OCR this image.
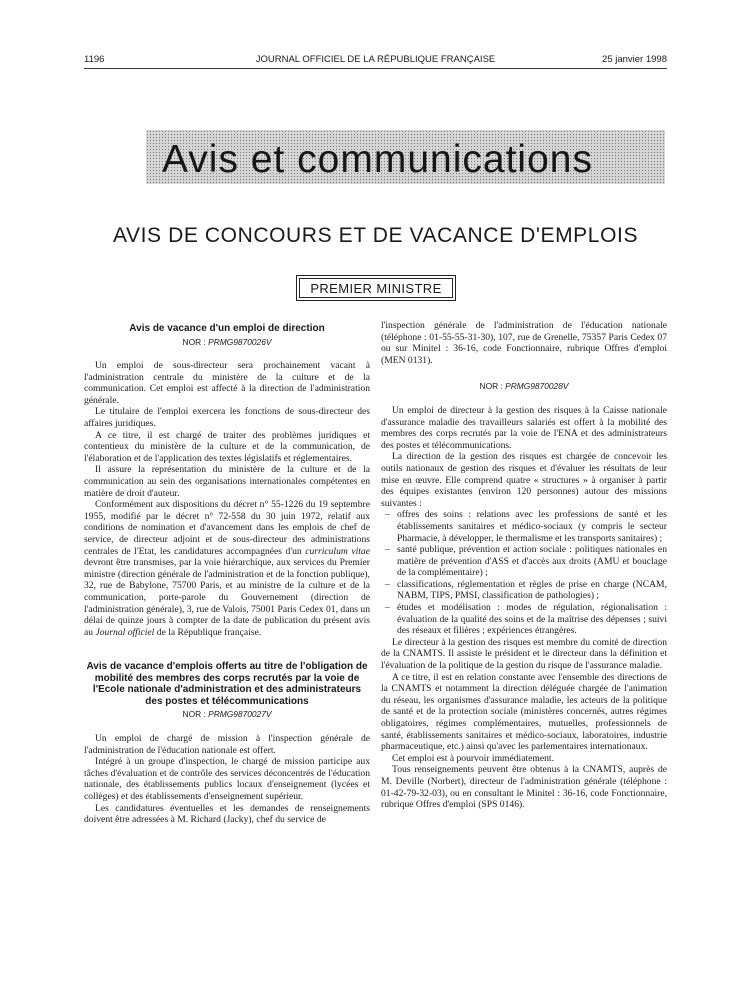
1196	JOURNAL OFFICIEL DE LA RÉPUBLIQUE FRANÇAISE	25 janvier 1998
Avis et communications
AVIS DE CONCOURS ET DE VACANCE D'EMPLOIS
PREMIER MINISTRE
Avis de vacance d'un emploi de direction
NOR : PRMG9870026V

Un emploi de sous-directeur sera prochainement vacant à l'administration centrale du ministère de la culture et de la communication. Cet emploi est affecté à la direction de l'administration générale.

Le titulaire de l'emploi exercera les fonctions de sous-directeur des affaires juridiques.

A ce titre, il est chargé de traiter des problèmes juridiques et contentieux du ministère de la culture et de la communication, de l'élaboration et de l'application des textes législatifs et réglementaires.

Il assure la représentation du ministère de la culture et de la communication au sein des organisations internationales compétentes en matière de droit d'auteur.

Conformément aux dispositions du décret n° 55-1226 du 19 septembre 1955, modifié par le décret n° 72-558 du 30 juin 1972, relatif aux conditions de nomination et d'avancement dans les emplois de chef de service, de directeur adjoint et de sous-directeur des administrations centrales de l'Etat, les candidatures accompagnées d'un curriculum vitae devront être transmises, par la voie hiérarchique, aux services du Premier ministre (direction générale de l'administration et de la fonction publique), 32, rue de Babylone, 75700 Paris, et au ministre de la culture et de la communication, porte-parole du Gouvernement (direction de l'administration générale), 3, rue de Valois, 75001 Paris Cedex 01, dans un délai de quinze jours à compter de la date de publication du présent avis au Journal officiel de la République française.

Avis de vacance d'emplois offerts au titre de l'obligation de mobilité des membres des corps recrutés par la voie de l'Ecole nationale d'administration et des administrateurs des postes et télécommunications
NOR : PRMG9870027V

Un emploi de chargé de mission à l'inspection générale de l'administration de l'éducation nationale est offert.

Intégré à un groupe d'inspection, le chargé de mission participe aux tâches d'évaluation et de contrôle des services déconcentrés de l'éducation nationale, des établissements publics locaux d'enseignement (lycées et collèges) et des établissements d'enseignement supérieur.

Les candidatures éventuelles et les demandes de renseignements doivent être adressées à M. Richard (Jacky), chef du service de

l'inspection générale de l'administration de l'éducation nationale (téléphone : 01-55-55-31-30), 107, rue de Grenelle, 75357 Paris Cedex 07 ou sur Minitel : 36-16, code Fonctionnaire, rubrique Offres d'emploi (MEN 0131).

NOR : PRMG9870028V

Un emploi de directeur à la gestion des risques à la Caisse nationale d'assurance maladie des travailleurs salariés est offert à la mobilité des membres des corps recrutés par la voie de l'ENA et des administrateurs des postes et télécommunications.

La direction de la gestion des risques est chargée de concevoir les outils nationaux de gestion des risques et d'évaluer les résultats de leur mise en œuvre. Elle comprend quatre « structures » à organiser à partir des équipes existantes (environ 120 personnes) autour des missions suivantes :

– offres des soins : relations avec les professions de santé et les établissements sanitaires et médico-sociaux (y compris le secteur Pharmacie, à développer, le thermalisme et les transports sanitaires) ;
– santé publique, prévention et action sociale : politiques nationales en matière de prévention d'ASS et d'accès aux droits (AMU et bouclage de la complémentaire) ;
– classifications, réglementation et règles de prise en charge (NCAM, NABM, TIPS, PMSI, classification de pathologies) ;
– études et modélisation : modes de régulation, régionalisation : évaluation de la qualité des soins et de la maîtrise des dépenses ; suivi des réseaux et filières ; expériences étrangères.

Le directeur à la gestion des risques est membre du comité de direction de la CNAMTS. Il assiste le président et le directeur dans la définition et l'évaluation de la politique de la gestion du risque de l'assurance maladie.

A ce titre, il est en relation constante avec l'ensemble des directions de la CNAMTS et notamment la direction déléguée chargée de l'animation du réseau, les organismes d'assurance maladie, les acteurs de la politique de santé et de la protection sociale (ministères concernés, autres régimes obligatoires, régimes complémentaires, mutuelles, professionnels de santé, établissements sanitaires et médico-sociaux, laboratoires, industrie pharmaceutique, etc.) ainsi qu'avec les parlementaires internationaux.

Cet emploi est à pourvoir immédiatement.

Tous renseignements peuvent être obtenus à la CNAMTS, auprès de M. Deville (Norbert), directeur de l'administration générale (téléphone : 01-42-79-32-03), ou en consultant le Minitel : 36-16, code Fonctionnaire, rubrique Offres d'emploi (SPS 0146).
